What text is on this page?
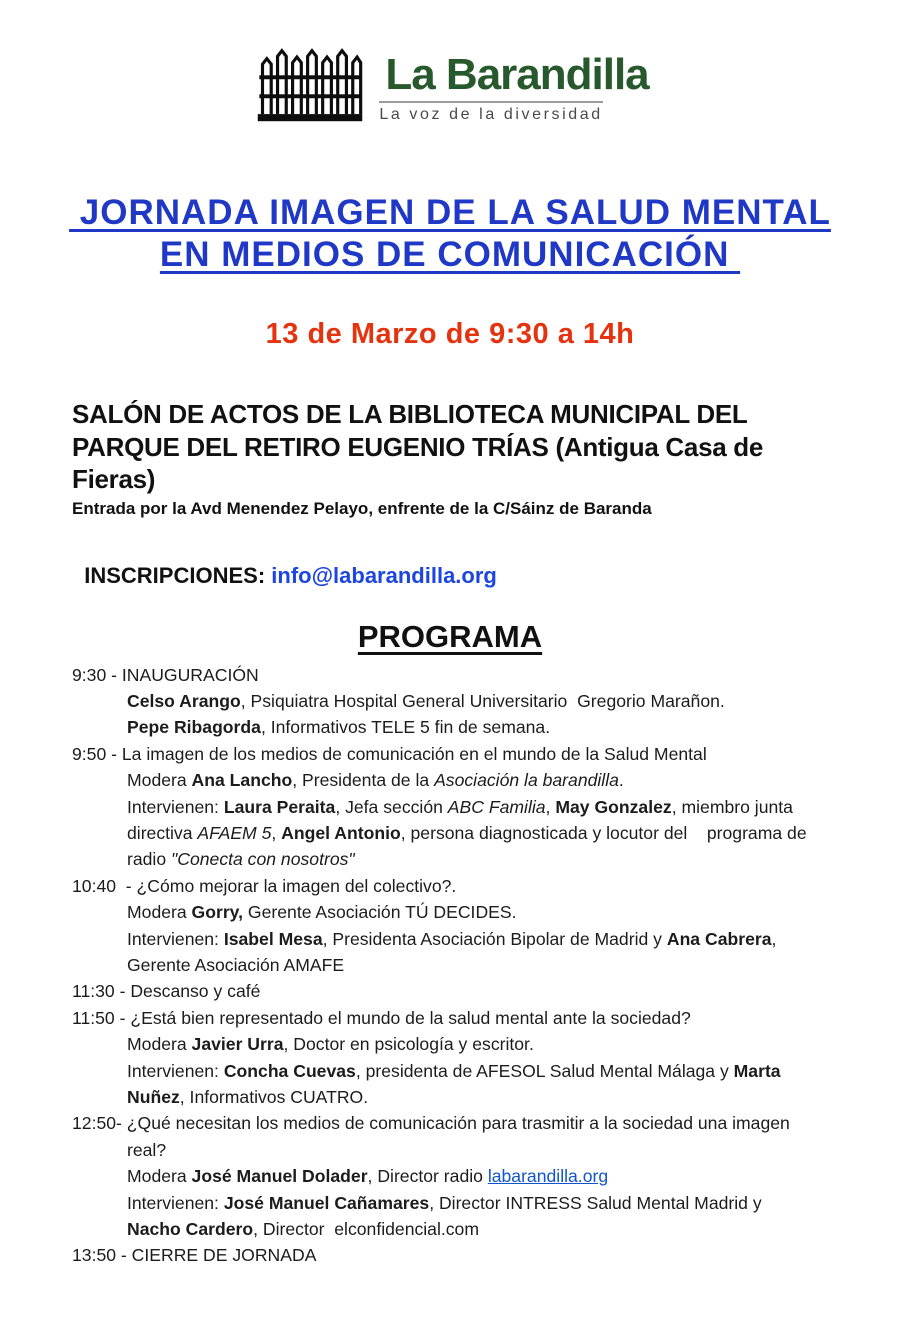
La Barandilla
La voz de la diversidad
JORNADA IMAGEN DE LA SALUD MENTAL
EN MEDIOS DE COMUNICACIÓN
13 de Marzo de 9:30 a 14h
SALÓN DE ACTOS DE LA BIBLIOTECA MUNICIPAL DEL
PARQUE DEL RETIRO EUGENIO TRÍAS (Antigua Casa de
Fieras)
Entrada por la Avd Menendez Pelayo, enfrente de la C/Sáinz de Baranda

INSCRIPCIONES: info@labarandilla.org

PROGRAMA
9:30 - INAUGURACIÓN
Celso Arango, Psiquiatra Hospital General Universitario  Gregorio Marañon.
Pepe Ribagorda, Informativos TELE 5 fin de semana.
9:50 - La imagen de los medios de comunicación en el mundo de la Salud Mental
Modera Ana Lancho, Presidenta de la Asociación la barandilla.
Intervienen: Laura Peraita, Jefa sección ABC Familia, May Gonzalez, miembro junta
directiva AFAEM 5, Angel Antonio, persona diagnosticada y locutor del    programa de
radio "Conecta con nosotros"
10:40  - ¿Cómo mejorar la imagen del colectivo?.
Modera Gorry, Gerente Asociación TÚ DECIDES.
Intervienen: Isabel Mesa, Presidenta Asociación Bipolar de Madrid y Ana Cabrera,
Gerente Asociación AMAFE
11:30 - Descanso y café
11:50 - ¿Está bien representado el mundo de la salud mental ante la sociedad?
Modera Javier Urra, Doctor en psicología y escritor.
Intervienen: Concha Cuevas, presidenta de AFESOL Salud Mental Málaga y Marta
Nuñez, Informativos CUATRO.
12:50- ¿Qué necesitan los medios de comunicación para trasmitir a la sociedad una imagen
real?
Modera José Manuel Dolader, Director radio labarandilla.org
Intervienen: José Manuel Cañamares, Director INTRESS Salud Mental Madrid y
Nacho Cardero, Director  elconfidencial.com
13:50 - CIERRE DE JORNADA
